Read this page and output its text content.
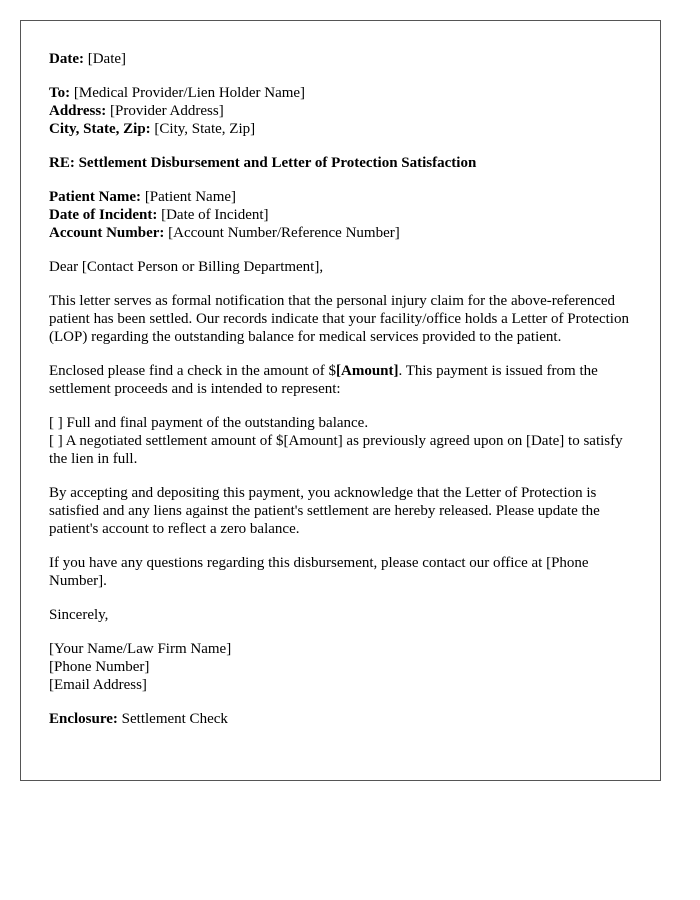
Date: [Date]

To: [Medical Provider/Lien Holder Name]
Address: [Provider Address]
City, State, Zip: [City, State, Zip]

RE: Settlement Disbursement and Letter of Protection Satisfaction

Patient Name: [Patient Name]
Date of Incident: [Date of Incident]
Account Number: [Account Number/Reference Number]

Dear [Contact Person or Billing Department],

This letter serves as formal notification that the personal injury claim for the above-referenced patient has been settled. Our records indicate that your facility/office holds a Letter of Protection (LOP) regarding the outstanding balance for medical services provided to the patient.

Enclosed please find a check in the amount of $[Amount]. This payment is issued from the settlement proceeds and is intended to represent:

[ ] Full and final payment of the outstanding balance.
[ ] A negotiated settlement amount of $[Amount] as previously agreed upon on [Date] to satisfy the lien in full.

By accepting and depositing this payment, you acknowledge that the Letter of Protection is satisfied and any liens against the patient's settlement are hereby released. Please update the patient's account to reflect a zero balance.

If you have any questions regarding this disbursement, please contact our office at [Phone Number].

Sincerely,

[Your Name/Law Firm Name]
[Phone Number]
[Email Address]

Enclosure: Settlement Check
